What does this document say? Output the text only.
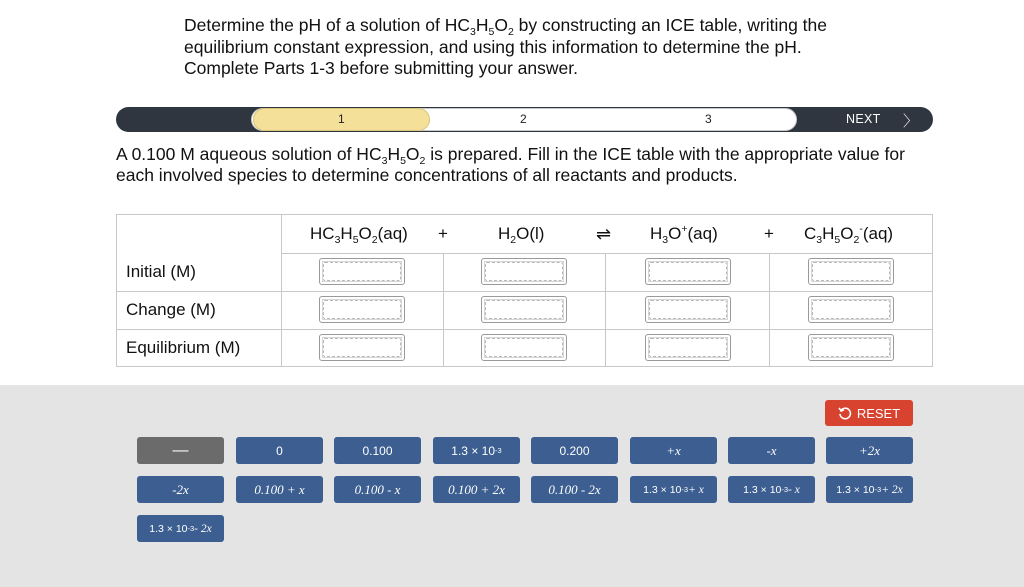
Determine the pH of a solution of $HC_3H_5O_2$ by constructing an ICE table, writing the equilibrium constant expression, and using this information to determine the pH. Complete Parts 1-3 before submitting your answer.
1	2	3	NEXT 〉
A 0.100 M aqueous solution of $HC_3H_5O_2$ is prepared. Fill in the ICE table with the appropriate value for each involved species to determine concentrations of all reactants and products.
$HC_3H_5O_2(aq)$ +	$H_2O(l)$	⇌ $H_3O^+(aq)$	+ $C_3H_5O_2^-(aq)$
Initial (M)
Change (M)
Equilibrium (M)
RESET
—	0	0.100	1.3 × 10 -3	0.200	+x	-x	+2x
-2x	0.100 + x	0.100 - x	0.100 + 2x	0.100 - 2x	1.3 × 10 -3 + x	1.3 × 10 -3 - x	1.3 × 10 -3 + 2x
1.3 × 10 -3 - 2x
